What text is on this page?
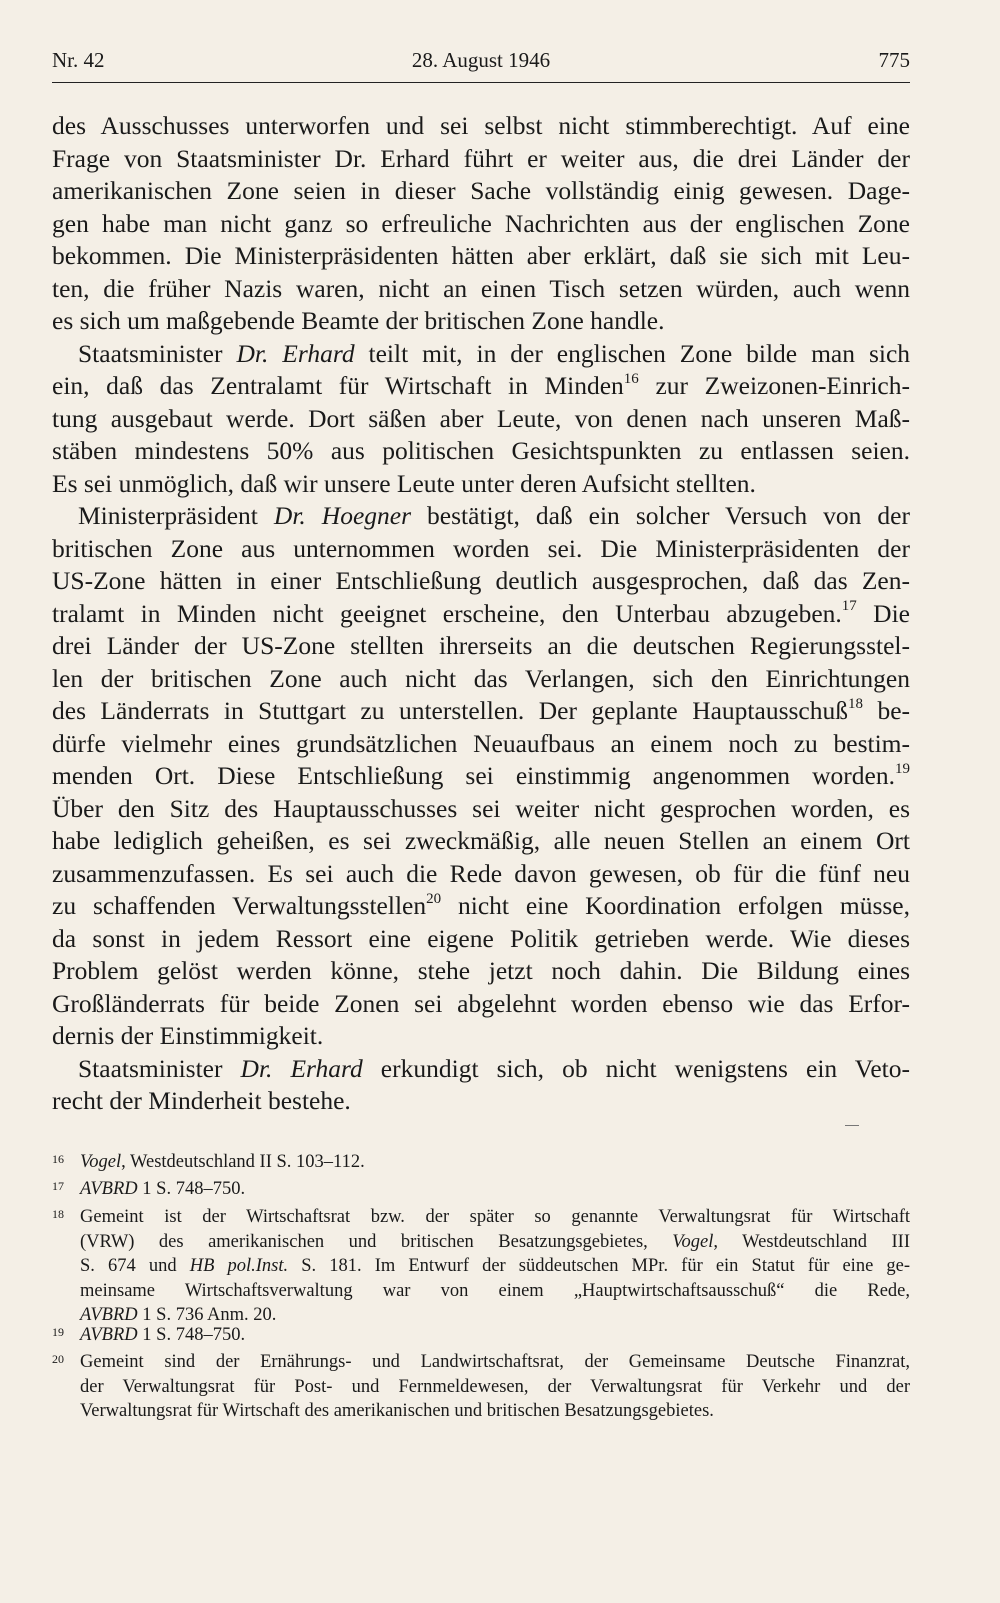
Nr. 42	28. August 1946	775
des Ausschusses unterworfen und sei selbst nicht stimmberechtigt. Auf eine
Frage von Staatsminister Dr. Erhard führt er weiter aus, die drei Länder der
amerikanischen Zone seien in dieser Sache vollständig einig gewesen. Dage-
gen habe man nicht ganz so erfreuliche Nachrichten aus der englischen Zone
bekommen. Die Ministerpräsidenten hätten aber erklärt, daß sie sich mit Leu-
ten, die früher Nazis waren, nicht an einen Tisch setzen würden, auch wenn
es sich um maßgebende Beamte der britischen Zone handle.
Staatsminister Dr. Erhard teilt mit, in der englischen Zone bilde man sich
ein, daß das Zentralamt für Wirtschaft in Minden$^{16}$ zur Zweizonen-Einrich-
tung ausgebaut werde. Dort säßen aber Leute, von denen nach unseren Maß-
stäben mindestens 50% aus politischen Gesichtspunkten zu entlassen seien.
Es sei unmöglich, daß wir unsere Leute unter deren Aufsicht stellten.
Ministerpräsident Dr. Hoegner bestätigt, daß ein solcher Versuch von der
britischen Zone aus unternommen worden sei. Die Ministerpräsidenten der
US-Zone hätten in einer Entschließung deutlich ausgesprochen, daß das Zen-
tralamt in Minden nicht geeignet erscheine, den Unterbau abzugeben.$^{17}$ Die
drei Länder der US-Zone stellten ihrerseits an die deutschen Regierungsstel-
len der britischen Zone auch nicht das Verlangen, sich den Einrichtungen
des Länderrats in Stuttgart zu unterstellen. Der geplante Hauptausschuß$^{18}$ be-
dürfe vielmehr eines grundsätzlichen Neuaufbaus an einem noch zu bestim-
menden Ort. Diese Entschließung sei einstimmig angenommen worden.$^{19}$
Über den Sitz des Hauptausschusses sei weiter nicht gesprochen worden, es
habe lediglich geheißen, es sei zweckmäßig, alle neuen Stellen an einem Ort
zusammenzufassen. Es sei auch die Rede davon gewesen, ob für die fünf neu
zu schaffenden Verwaltungsstellen$^{20}$ nicht eine Koordination erfolgen müsse,
da sonst in jedem Ressort eine eigene Politik getrieben werde. Wie dieses
Problem gelöst werden könne, stehe jetzt noch dahin. Die Bildung eines
Großländerrats für beide Zonen sei abgelehnt worden ebenso wie das Erfor-
dernis der Einstimmigkeit.
Staatsminister Dr. Erhard erkundigt sich, ob nicht wenigstens ein Veto-
recht der Minderheit bestehe.
16 Vogel, Westdeutschland II S. 103–112.
17 AVBRD 1 S. 748–750.
18 Gemeint ist der Wirtschaftsrat bzw. der später so genannte Verwaltungsrat für Wirtschaft
(VRW) des amerikanischen und britischen Besatzungsgebietes, Vogel, Westdeutschland III
S. 674 und HB pol.Inst. S. 181. Im Entwurf der süddeutschen MPr. für ein Statut für eine ge-
meinsame Wirtschaftsverwaltung war von einem „Hauptwirtschaftsausschuß“ die Rede,
AVBRD 1 S. 736 Anm. 20.
19 AVBRD 1 S. 748–750.
20 Gemeint sind der Ernährungs- und Landwirtschaftsrat, der Gemeinsame Deutsche Finanzrat,
der Verwaltungsrat für Post- und Fernmeldewesen, der Verwaltungsrat für Verkehr und der
Verwaltungsrat für Wirtschaft des amerikanischen und britischen Besatzungsgebietes.
